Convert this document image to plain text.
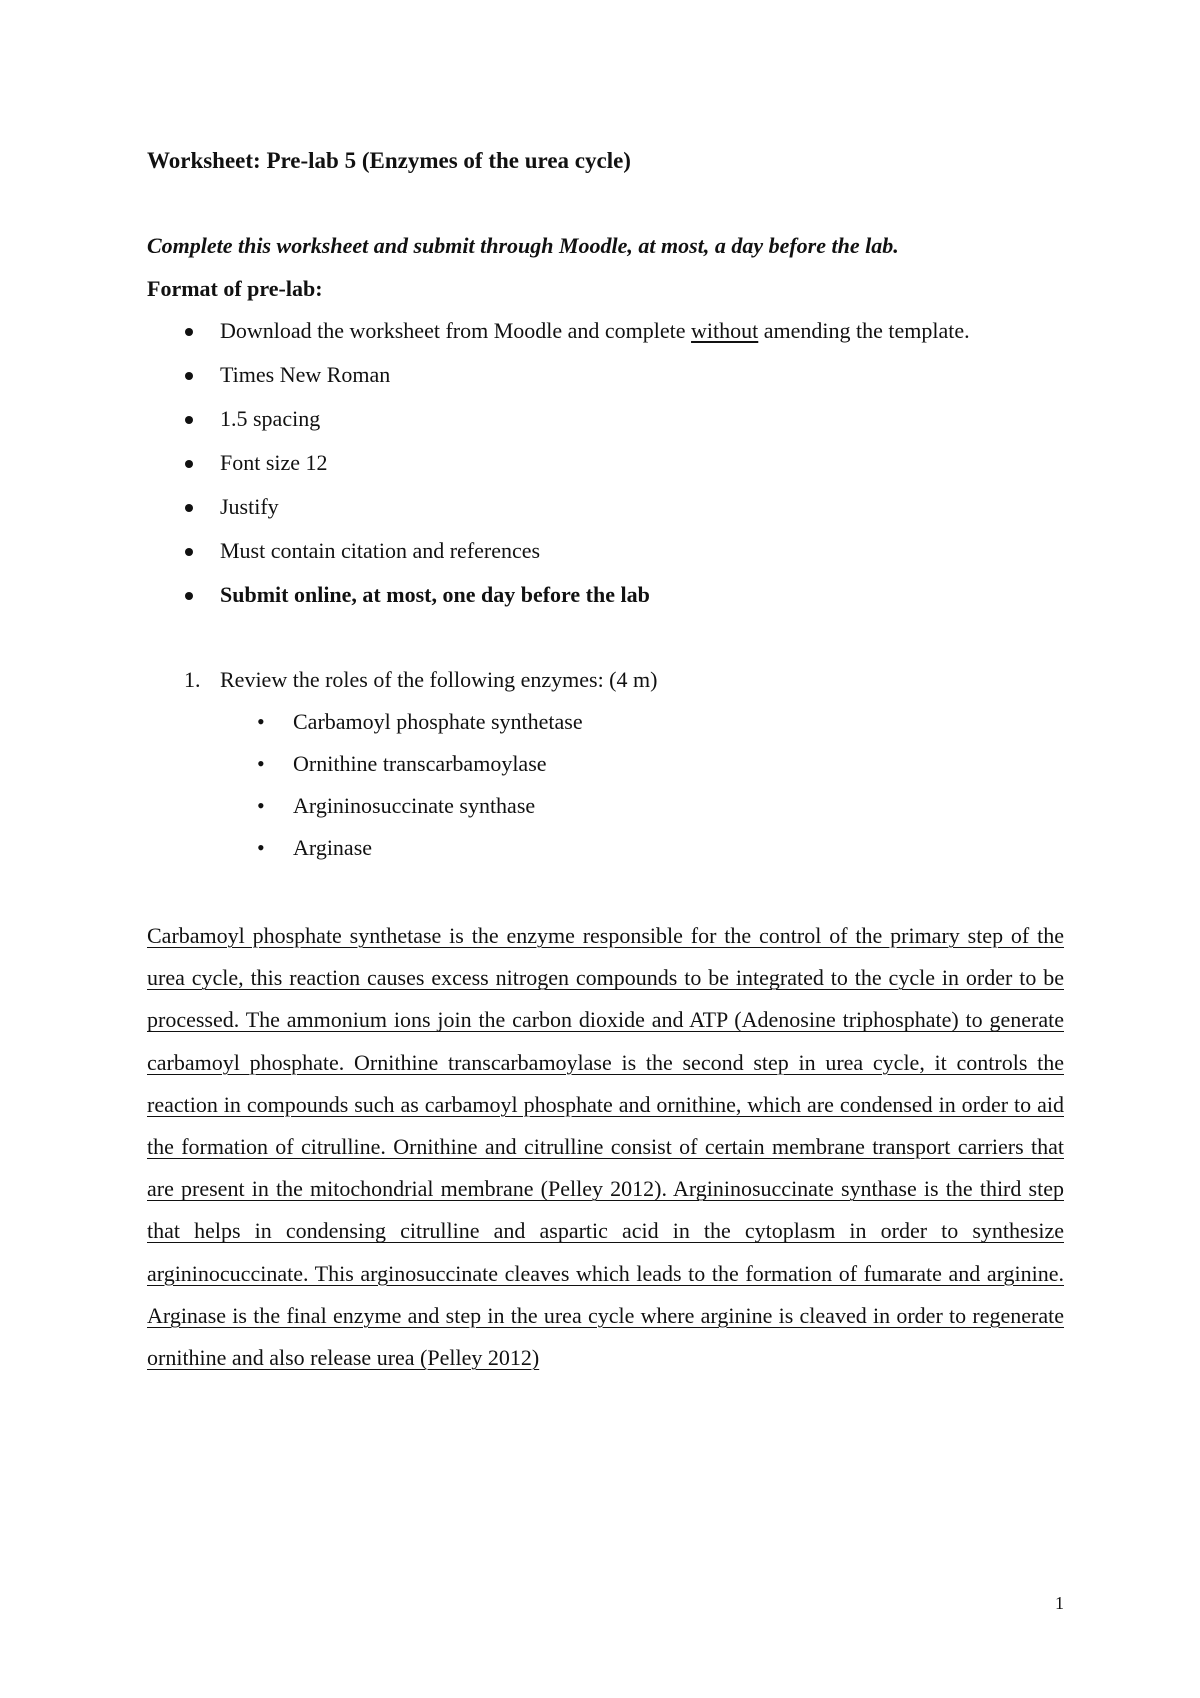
Worksheet: Pre-lab 5 (Enzymes of the urea cycle)

Complete this worksheet and submit through Moodle, at most, a day before the lab.

Format of pre-lab:

Download the worksheet from Moodle and complete without amending the template.
Times New Roman
1.5 spacing
Font size 12
Justify
Must contain citation and references
Submit online, at most, one day before the lab
1. Review the roles of the following enzymes: (4 m)
• Carbamoyl phosphate synthetase
• Ornithine transcarbamoylase
• Argininosuccinate synthase
• Arginase

Carbamoyl phosphate synthetase is the enzyme responsible for the control of the primary step of the urea cycle, this reaction causes excess nitrogen compounds to be integrated to the cycle in order to be processed. The ammonium ions join the carbon dioxide and ATP (Adenosine triphosphate) to generate carbamoyl phosphate. Ornithine transcarbamoylase is the second step in urea cycle, it controls the reaction in compounds such as carbamoyl phosphate and ornithine, which are condensed in order to aid the formation of citrulline. Ornithine and citrulline consist of certain membrane transport carriers that are present in the mitochondrial membrane (Pelley 2012). Argininosuccinate synthase is the third step that helps in condensing citrulline and aspartic acid in the cytoplasm in order to synthesize argininocuccinate. This arginosuccinate cleaves which leads to the formation of fumarate and arginine. Arginase is the final enzyme and step in the urea cycle where arginine is cleaved in order to regenerate ornithine and also release urea (Pelley 2012)

1
